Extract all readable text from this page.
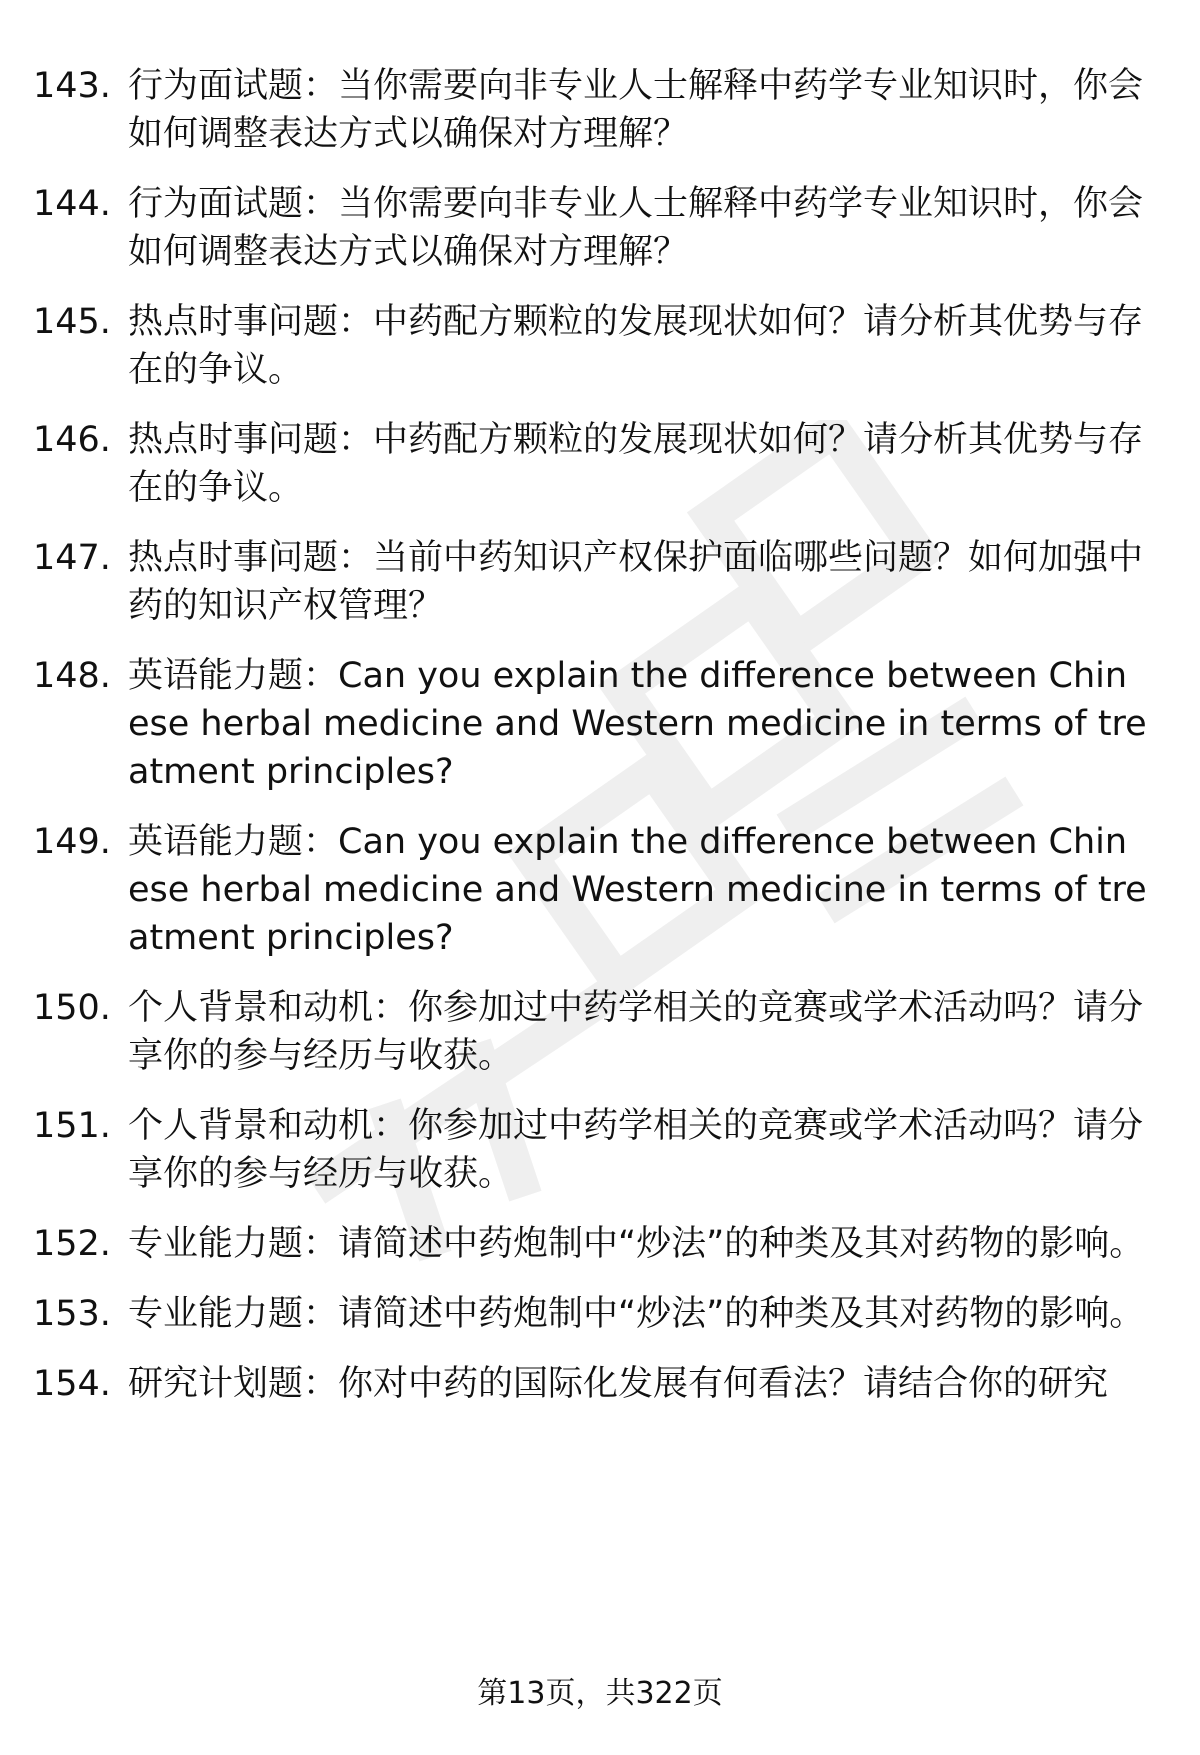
143. 行为面试题：当你需要向非专业人士解释中药学专业知识时，你会如何调整表达方式以确保对方理解？
144. 行为面试题：当你需要向非专业人士解释中药学专业知识时，你会如何调整表达方式以确保对方理解？
145. 热点时事问题：中药配方颗粒的发展现状如何？请分析其优势与存在的争议。
146. 热点时事问题：中药配方颗粒的发展现状如何？请分析其优势与存在的争议。
147. 热点时事问题：当前中药知识产权保护面临哪些问题？如何加强中药的知识产权管理？
148. 英语能力题：Can you explain the difference between Chinese herbal medicine and Western medicine in terms of treatment principles?
149. 英语能力题：Can you explain the difference between Chinese herbal medicine and Western medicine in terms of treatment principles?
150. 个人背景和动机：你参加过中药学相关的竞赛或学术活动吗？请分享你的参与经历与收获。
151. 个人背景和动机：你参加过中药学相关的竞赛或学术活动吗？请分享你的参与经历与收获。
152. 专业能力题：请简述中药炮制中“炒法”的种类及其对药物的影响。
153. 专业能力题：请简述中药炮制中“炒法”的种类及其对药物的影响。
154. 研究计划题：你对中药的国际化发展有何看法？请结合你的研究
第13页，共322页
